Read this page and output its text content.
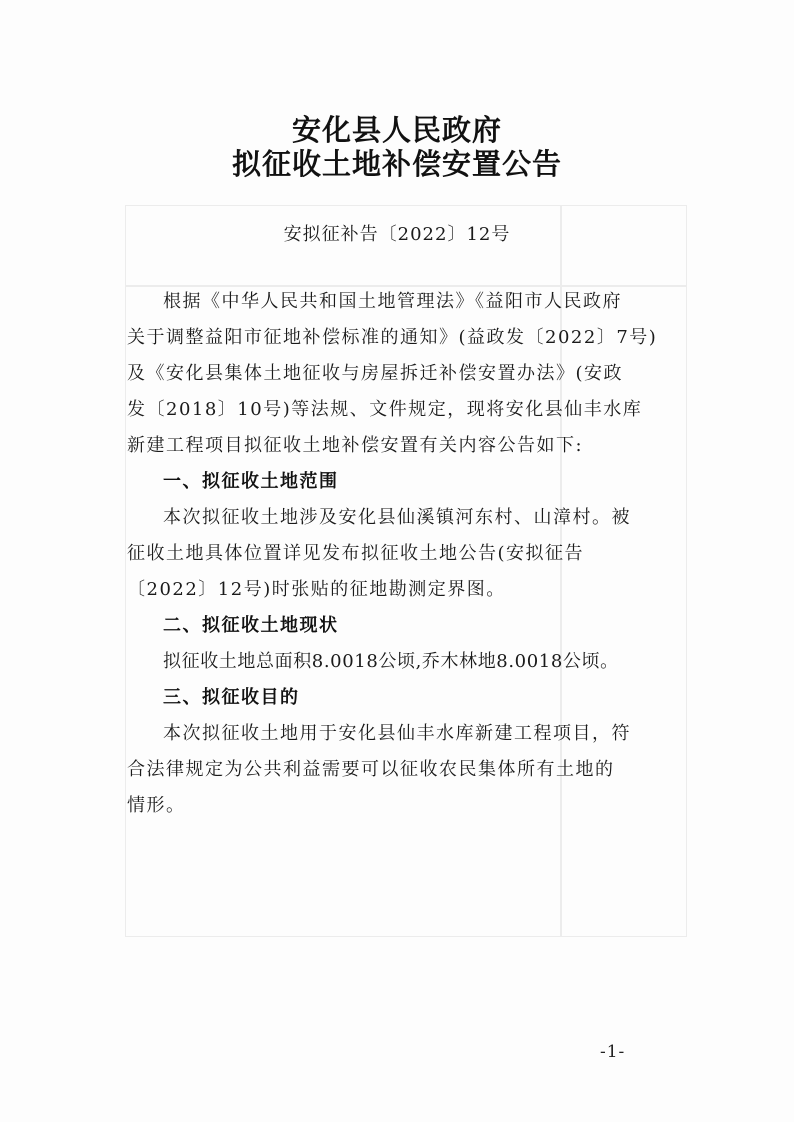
安化县人民政府
拟征收土地补偿安置公告
安拟征补告〔2022〕12号
根据《中华人民共和国土地管理法》《益阳市人民政府
关于调整益阳市征地补偿标准的通知》(益政发〔2022〕7号)
及《安化县集体土地征收与房屋拆迁补偿安置办法》(安政
发〔2018〕10号)等法规、文件规定，现将安化县仙丰水库
新建工程项目拟征收土地补偿安置有关内容公告如下:
一、拟征收土地范围
本次拟征收土地涉及安化县仙溪镇河东村、山漳村。被
征收土地具体位置详见发布拟征收土地公告(安拟征告
〔2022〕12号)时张贴的征地勘测定界图。
二、拟征收土地现状
拟征收土地总面积8.0018公顷,乔木林地8.0018公顷。
三、拟征收目的
本次拟征收土地用于安化县仙丰水库新建工程项目，符
合法律规定为公共利益需要可以征收农民集体所有土地的
情形。
-1-
